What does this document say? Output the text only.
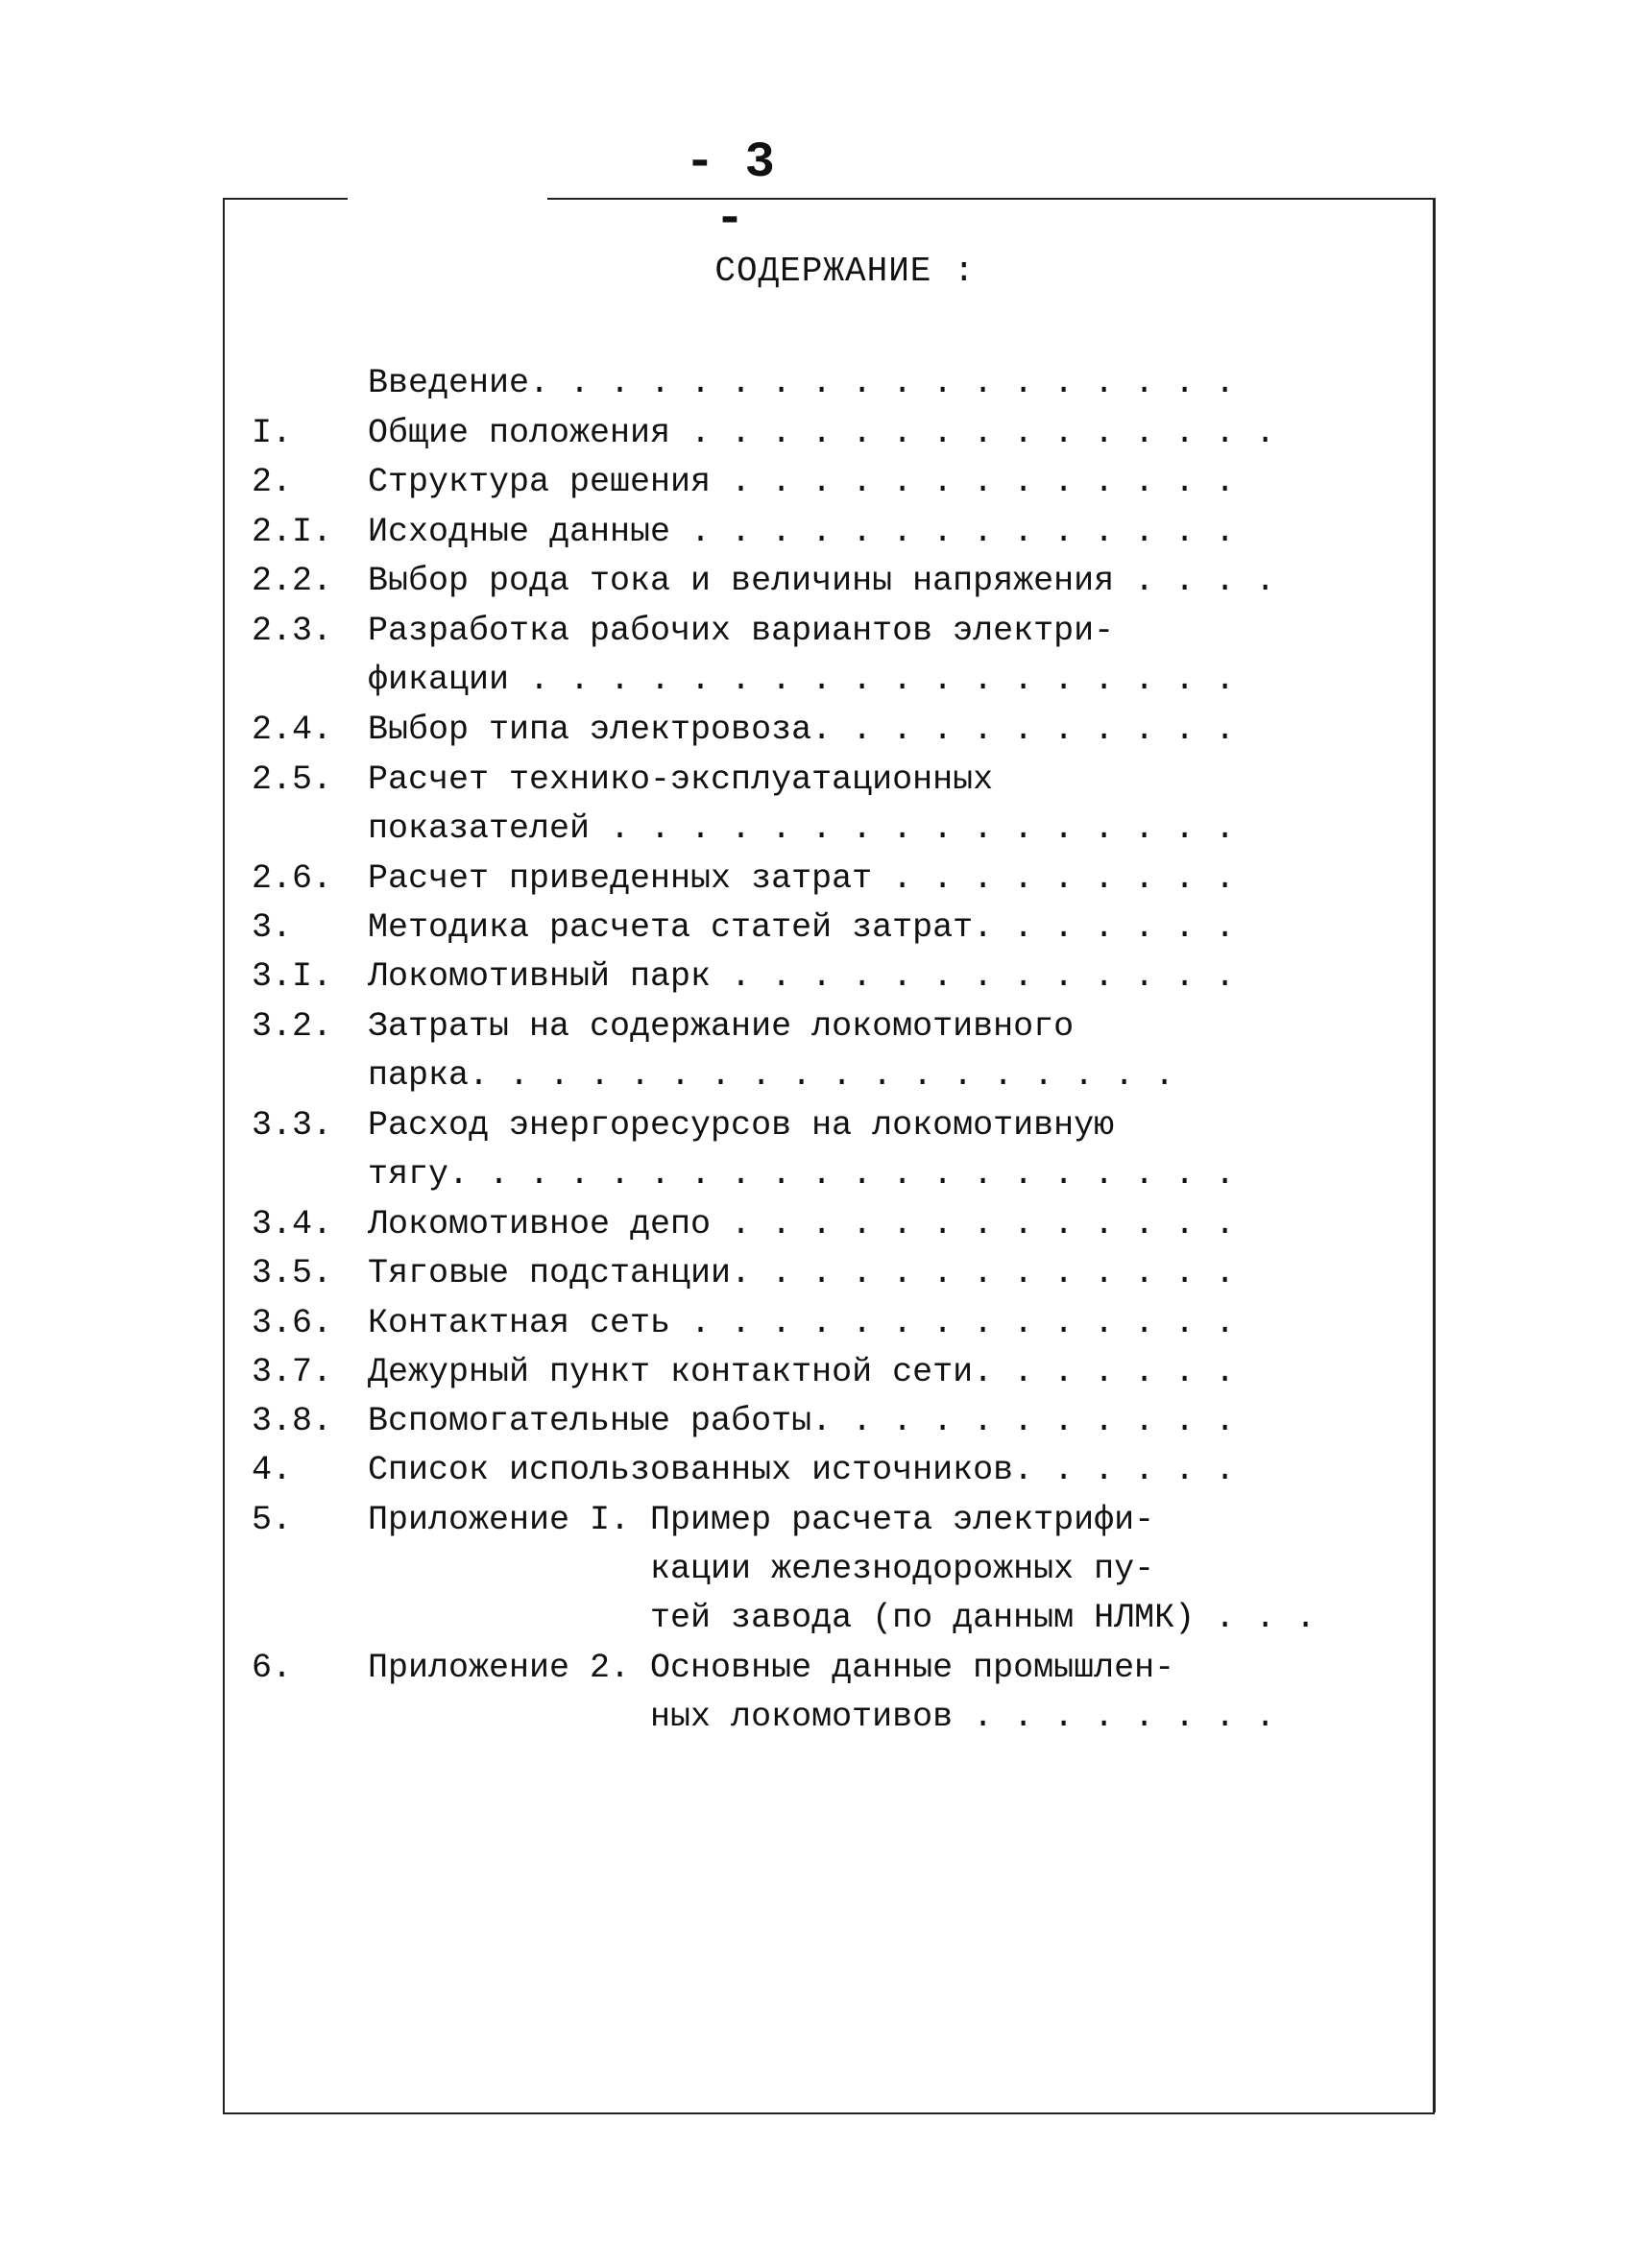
- 3 -
СОДЕРЖАНИЕ :
Введение. . . . . . . . . . . . . . . . . .
I. Общие положения . . . . . . . . . . . . . . .
2. Структура решения . . . . . . . . . . . . .
2.I. Исходные данные . . . . . . . . . . . . . .
2.2. Выбор рода тока и величины напряжения . . . .
2.3. Разработка рабочих вариантов электри-
фикации . . . . . . . . . . . . . . . . . .
2.4. Выбор типа электровоза. . . . . . . . . . .
2.5. Расчет технико-эксплуатационных
показателей . . . . . . . . . . . . . . . .
2.6. Расчет приведенных затрат . . . . . . . . .
3. Методика расчета статей затрат. . . . . . .
3.I. Локомотивный парк . . . . . . . . . . . . .
3.2. Затраты на содержание локомотивного
парка. . . . . . . . . . . . . . . . . .
3.3. Расход энергоресурсов на локомотивную
тягу. . . . . . . . . . . . . . . . . . . .
3.4. Локомотивное депо . . . . . . . . . . . . .
3.5. Тяговые подстанции. . . . . . . . . . . . .
3.6. Контактная сеть . . . . . . . . . . . . . .
3.7. Дежурный пункт контактной сети. . . . . . .
3.8. Вспомогательные работы. . . . . . . . . . .
4. Список использованных источников. . . . . .
5. Приложение I. Пример расчета электрифи-
кации железнодорожных пу-
тей завода (по данным НЛМК) . . .
6. Приложение 2. Основные данные промышлен-
ных локомотивов . . . . . . . .
